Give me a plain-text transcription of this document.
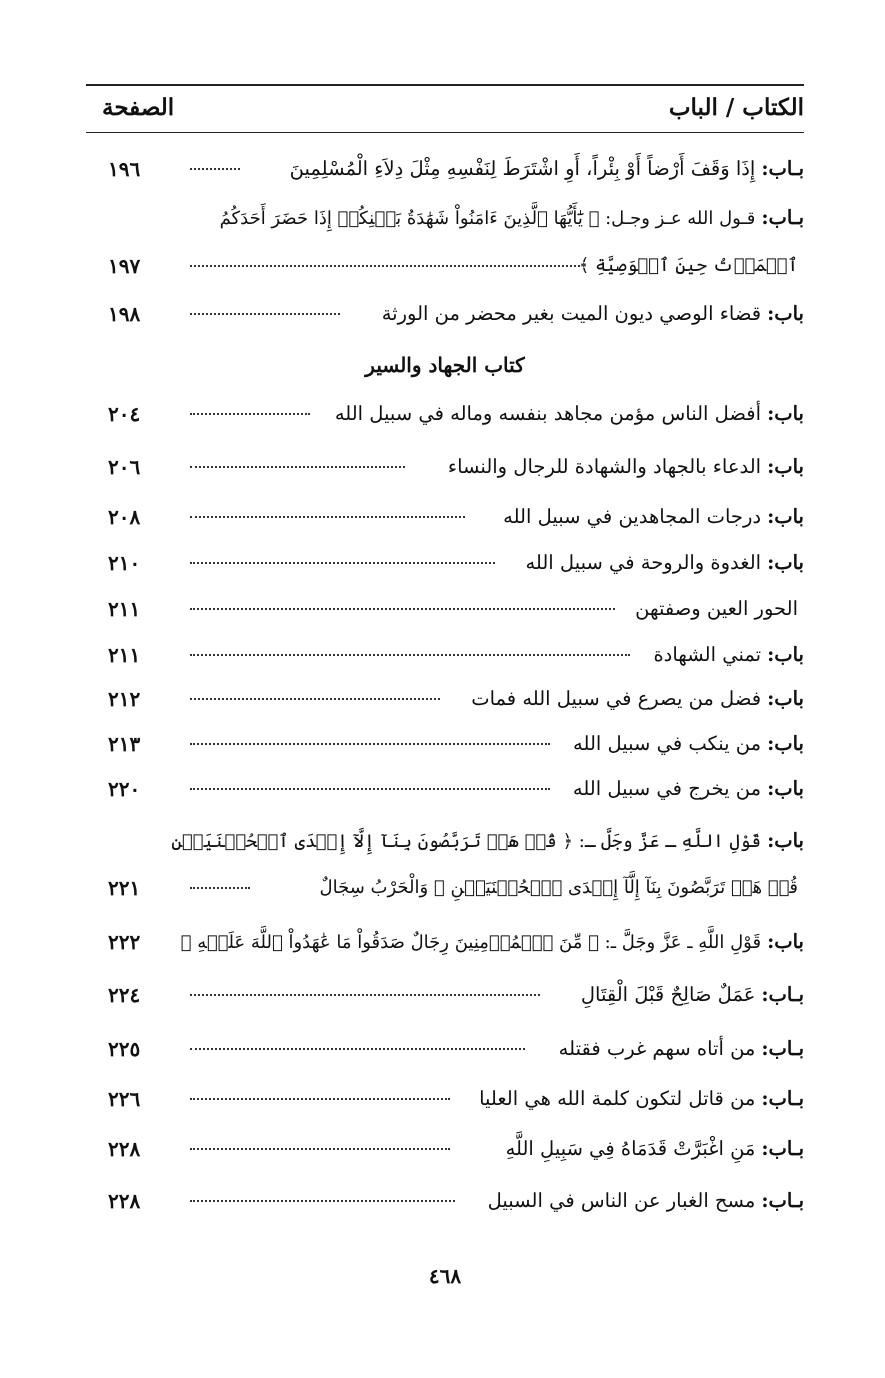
الكتاب / الباب
الصفحة
بـاب:
إِذَا وَقَفَ أَرْضاً أَوْ بِئْراً، أَوِ اشْتَرَطَ لِنَفْسِهِ مِثْلَ دِلاَءِ الْمُسْلِمِينَ
١٩٦
بـاب:
قـول الله عـز وجـل: ﴿ يَٰٓأَيُّهَا ٱلَّذِينَ ءَامَنُواْ شَهَٰدَةُ بَيۡنِكُمۡ إِذَا حَضَرَ أَحَدَكُمُ
ٱلۡمَوۡتُ حِينَ ٱلۡوَصِيَّةِ ﴾
١٩٧
باب:
قضاء الوصي ديون الميت بغير محضر من الورثة
١٩٨
كتاب الجهاد والسير
باب:
أفضل الناس مؤمن مجاهد بنفسه وماله في سبيل الله
٢٠٤
باب:
الدعاء بالجهاد والشهادة للرجال والنساء
٢٠٦
باب:
درجات المجاهدين في سبيل الله
٢٠٨
باب:
الغدوة والروحة في سبيل الله
٢١٠
الحور العين وصفتهن
٢١١
باب:
تمني الشهادة
٢١١
باب:
فضل من يصرع في سبيل الله فمات
٢١٢
باب:
من ينكب في سبيل الله
٢١٣
باب:
من يخرج في سبيل الله
٢٢٠
باب:
قَوْلِ اللَّهِ ـ عَزَّ وجَلَّ ـ: ﴿ قُلۡ هَلۡ تَرَبَّصُونَ بِنَآ إِلَّآ إِحۡدَى ٱلۡحُسۡنَيَيۡنِ
قُلۡ هَلۡ تَرَبَّصُونَ بِنَآ إِلَّآ إِحۡدَى ٱلۡحُسۡنَيَيۡنِ ﴾ وَالْحَرْبُ سِجَالٌ
٢٢١
باب:
قَوْلِ اللَّهِ ـ عَزَّ وجَلَّ ـ: ﴿ مِّنَ ٱلۡمُؤۡمِنِينَ رِجَالٌ صَدَقُواْ مَا عَٰهَدُواْ ٱللَّهَ عَلَيۡهِ ﴾
٢٢٢
بـاب:
عَمَلٌ صَالِحٌ قَبْلَ الْقِتَالِ
٢٢٤
بـاب:
من أتاه سهم غرب فقتله
٢٢٥
بـاب:
من قاتل لتكون كلمة الله هي العليا
٢٢٦
بـاب:
مَنِ اغْبَرَّتْ قَدَمَاهُ فِي سَبِيلِ اللَّهِ
٢٢٨
بـاب:
مسح الغبار عن الناس في السبيل
٢٢٨
٤٦٨
